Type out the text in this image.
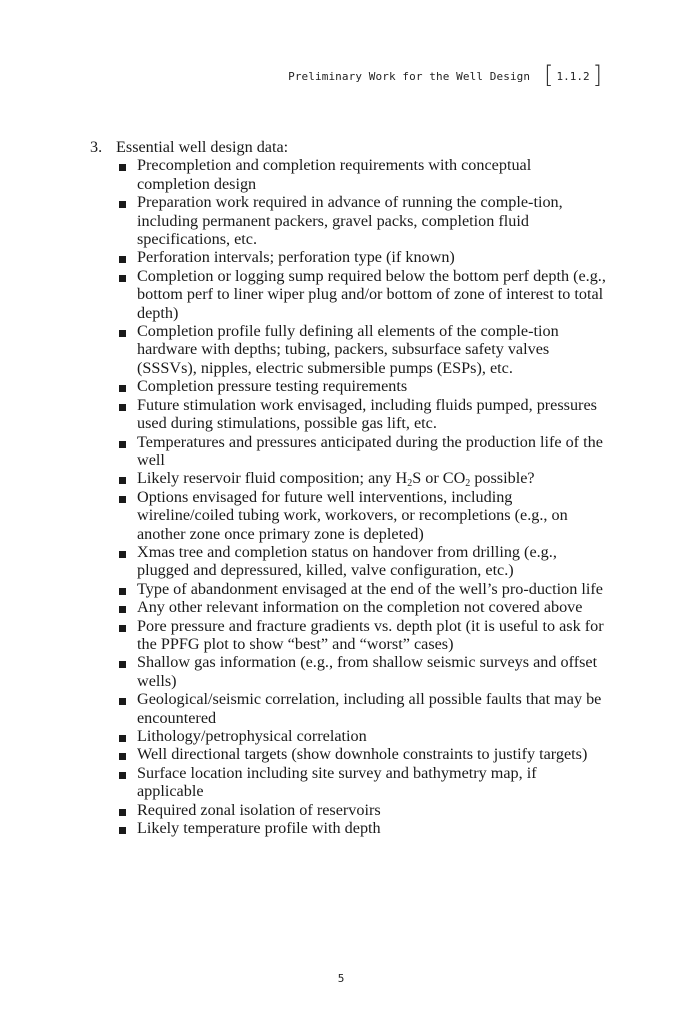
Preliminary Work for the Well Design [ 1.1.2 ]
3. Essential well design data:
Precompletion and completion requirements with conceptual completion design
Preparation work required in advance of running the comple-tion, including permanent packers, gravel packs, completion fluid specifications, etc.
Perforation intervals; perforation type (if known)
Completion or logging sump required below the bottom perf depth (e.g., bottom perf to liner wiper plug and/or bottom of zone of interest to total depth)
Completion profile fully defining all elements of the comple-tion hardware with depths; tubing, packers, subsurface safety valves (SSSVs), nipples, electric submersible pumps (ESPs), etc.
Completion pressure testing requirements
Future stimulation work envisaged, including fluids pumped, pressures used during stimulations, possible gas lift, etc.
Temperatures and pressures anticipated during the production life of the well
Likely reservoir fluid composition; any $H_2S$ or $CO_2$ possible?
Options envisaged for future well interventions, including wireline/coiled tubing work, workovers, or recompletions (e.g., on another zone once primary zone is depleted)
Xmas tree and completion status on handover from drilling (e.g., plugged and depressured, killed, valve configuration, etc.)
Type of abandonment envisaged at the end of the well’s pro-duction life
Any other relevant information on the completion not covered above
Pore pressure and fracture gradients vs. depth plot (it is useful to ask for the PPFG plot to show “best” and “worst” cases)
Shallow gas information (e.g., from shallow seismic surveys and offset wells)
Geological/seismic correlation, including all possible faults that may be encountered
Lithology/petrophysical correlation
Well directional targets (show downhole constraints to justify targets)
Surface location including site survey and bathymetry map, if applicable
Required zonal isolation of reservoirs
Likely temperature profile with depth
5
